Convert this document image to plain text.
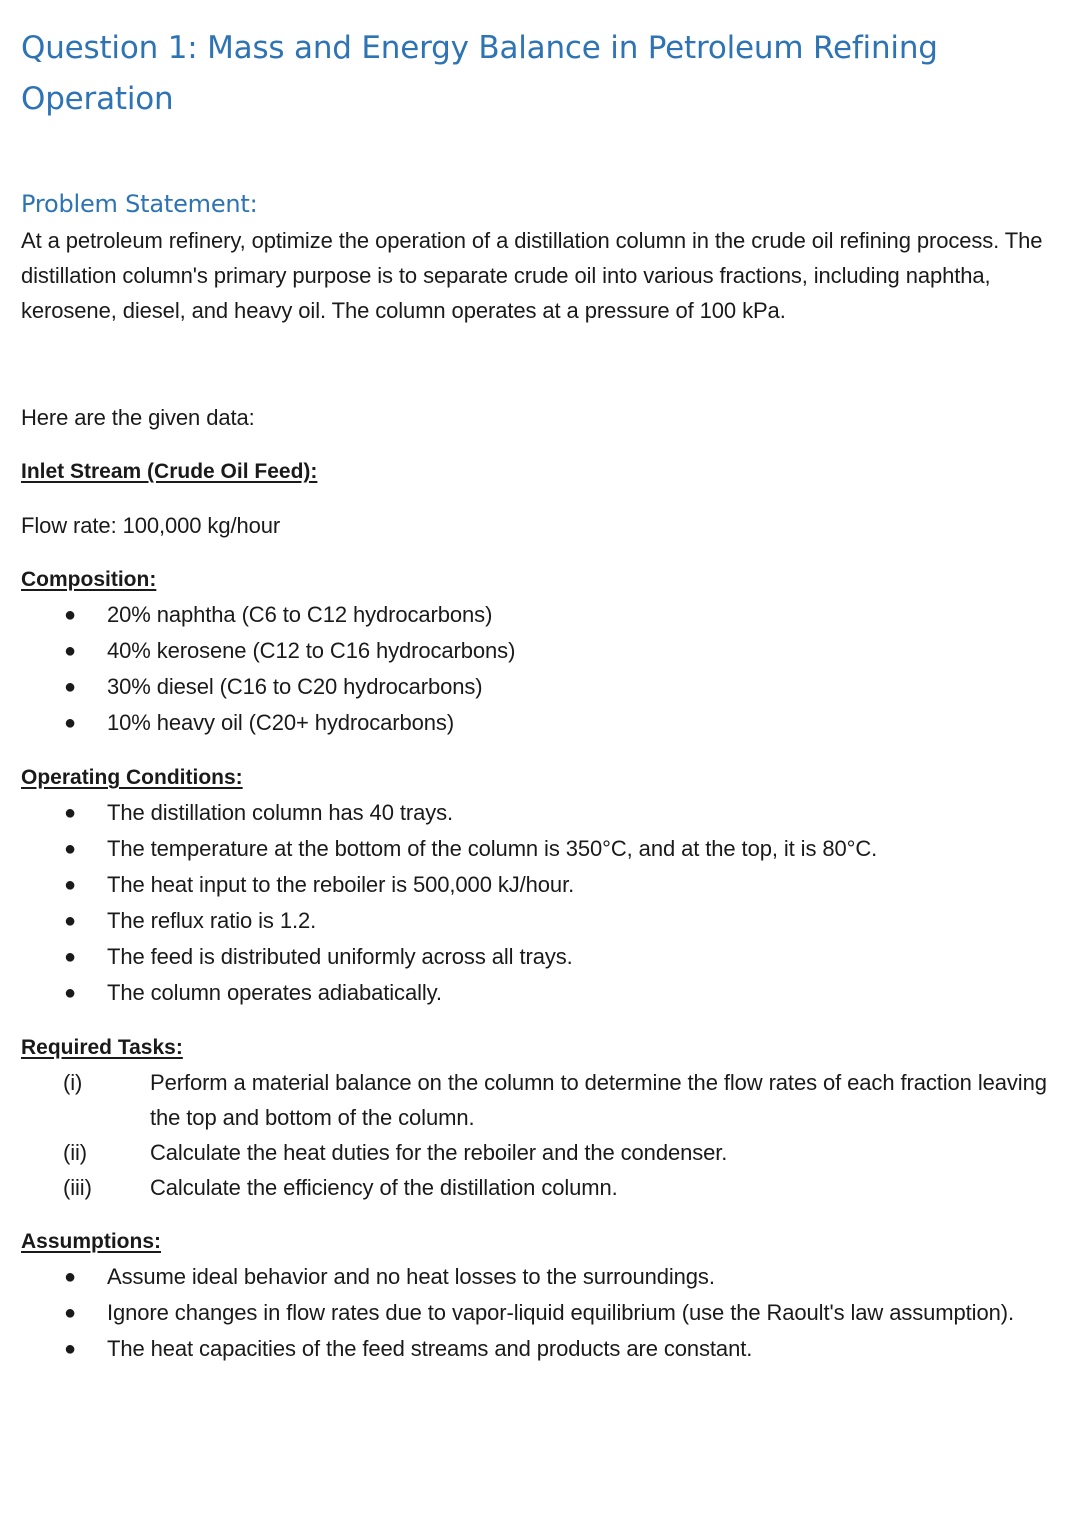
Question 1: Mass and Energy Balance in Petroleum Refining Operation
Problem Statement:

At a petroleum refinery, optimize the operation of a distillation column in the crude oil refining process. The distillation column's primary purpose is to separate crude oil into various fractions, including naphtha, kerosene, diesel, and heavy oil. The column operates at a pressure of 100 kPa.

Here are the given data:

Inlet Stream (Crude Oil Feed):

Flow rate: 100,000 kg/hour

Composition:

● 20% naphtha (C6 to C12 hydrocarbons)
● 40% kerosene (C12 to C16 hydrocarbons)
● 30% diesel (C16 to C20 hydrocarbons)
● 10% heavy oil (C20+ hydrocarbons)

Operating Conditions:

● The distillation column has 40 trays.
● The temperature at the bottom of the column is 350°C, and at the top, it is 80°C.
● The heat input to the reboiler is 500,000 kJ/hour.
● The reflux ratio is 1.2.
● The feed is distributed uniformly across all trays.
● The column operates adiabatically.

Required Tasks:

(i)	Perform a material balance on the column to determine the flow rates of each fraction leaving the top and bottom of the column.
(ii)	Calculate the heat duties for the reboiler and the condenser.
(iii)	Calculate the efficiency of the distillation column.

Assumptions:

● Assume ideal behavior and no heat losses to the surroundings.
● Ignore changes in flow rates due to vapor-liquid equilibrium (use the Raoult's law assumption).
● The heat capacities of the feed streams and products are constant.
